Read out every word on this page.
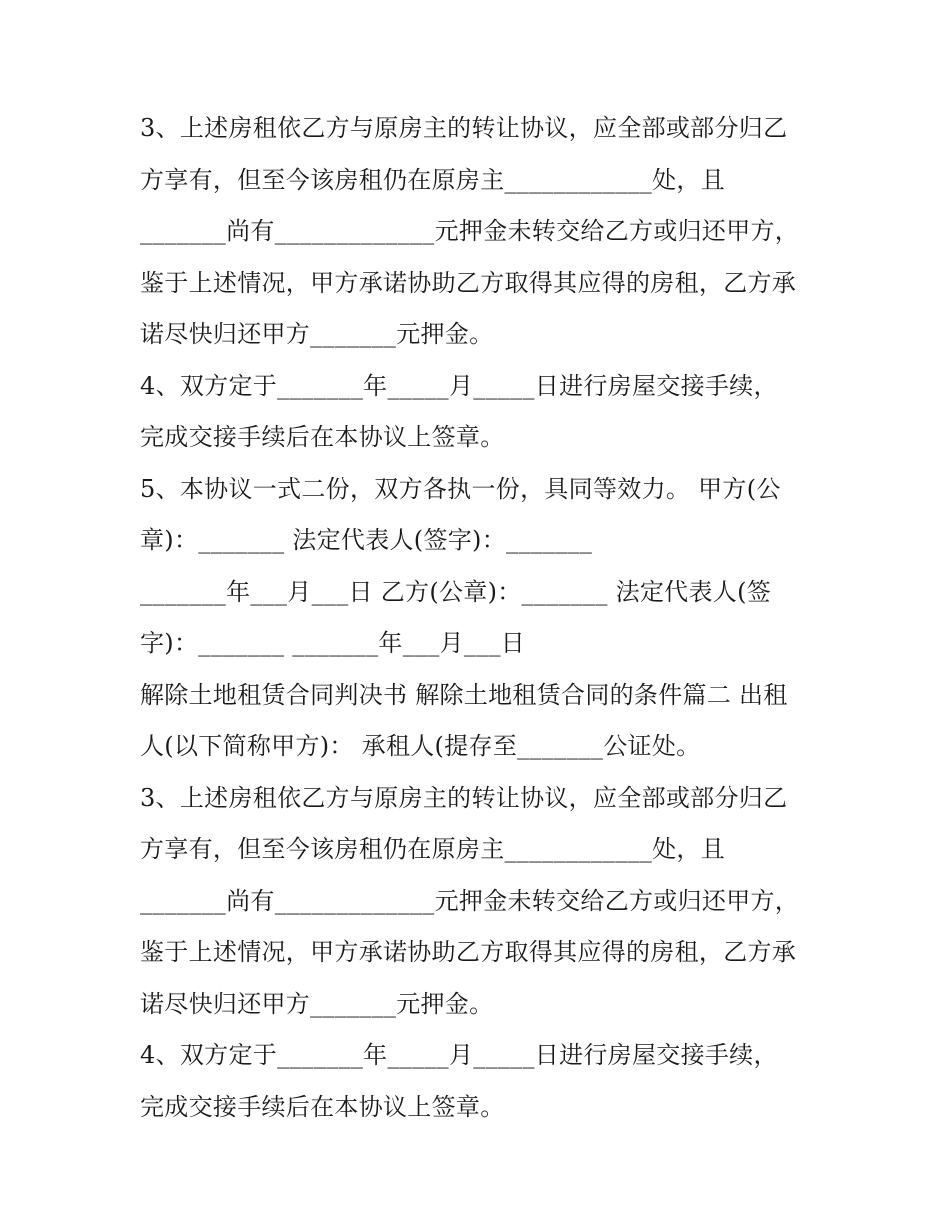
3、上述房租依乙方与原房主的转让协议，应全部或部分归乙
方享有，但至今该房租仍在原房主____________处，且
_______尚有_____________元押金未转交给乙方或归还甲方，
鉴于上述情况，甲方承诺协助乙方取得其应得的房租，乙方承
诺尽快归还甲方_______元押金。
4、双方定于_______年_____月_____日进行房屋交接手续，
完成交接手续后在本协议上签章。
5、本协议一式二份，双方各执一份，具同等效力。 甲方(公
章)：_______ 法定代表人(签字)：_______
_______年___月___日 乙方(公章)：_______ 法定代表人(签
字)：_______ _______年___月___日
解除土地租赁合同判决书 解除土地租赁合同的条件篇二 出租
人(以下简称甲方)： 承租人(提存至_______公证处。
3、上述房租依乙方与原房主的转让协议，应全部或部分归乙
方享有，但至今该房租仍在原房主____________处，且
_______尚有_____________元押金未转交给乙方或归还甲方，
鉴于上述情况，甲方承诺协助乙方取得其应得的房租，乙方承
诺尽快归还甲方_______元押金。
4、双方定于_______年_____月_____日进行房屋交接手续，
完成交接手续后在本协议上签章。
